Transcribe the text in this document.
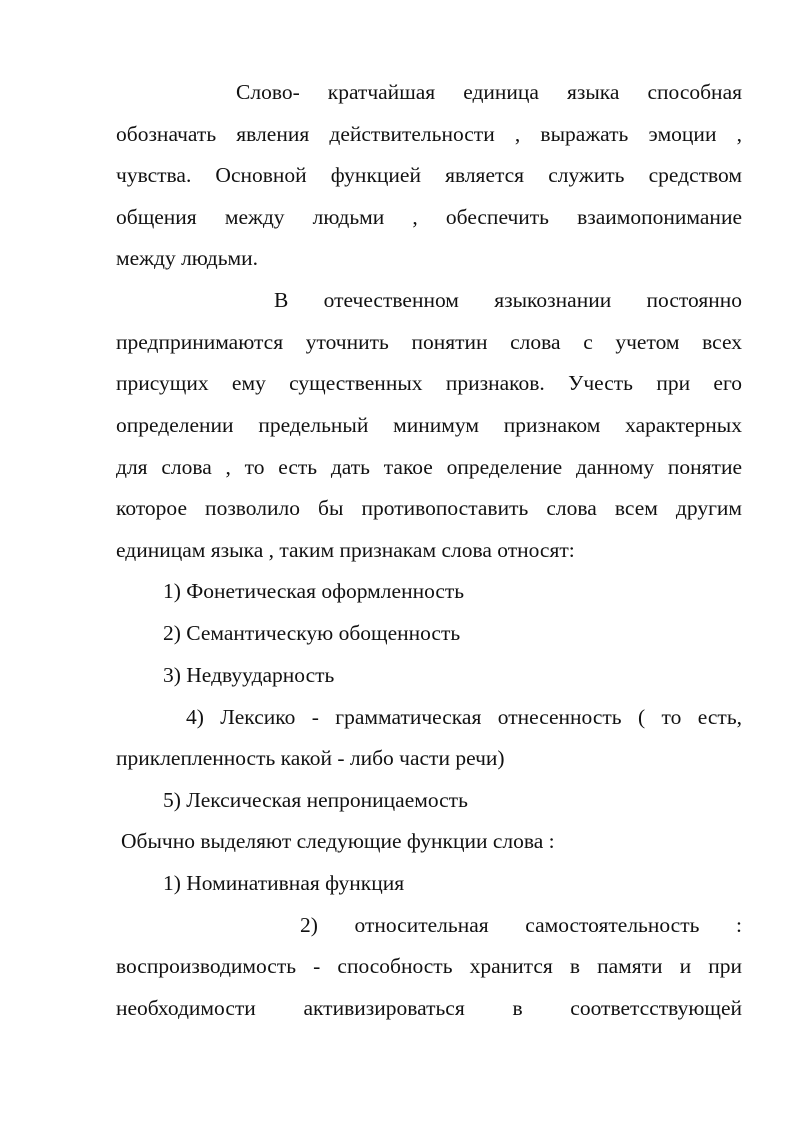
Слово- кратчайшая единица языка способная
обозначать явления действительности , выражать эмоции ,
чувства. Основной функцией является служить средством
общения между людьми , обеспечить взаимопонимание
между людьми.
В отечественном языкознании постоянно
предпринимаются уточнить понятин слова с учетом всех
присущих ему существенных признаков. Учесть при его
определении предельный минимум признаком характерных
для слова , то есть дать такое определение данному понятие
которое позволило бы противопоставить слова всем другим
единицам языка , таким признакам слова относят:
1) Фонетическая оформленность
2) Семантическую обощенность
3) Недвуударность
4) Лексико - грамматическая отнесенность ( то есть,
приклепленность какой - либо части речи)
5) Лексическая непроницаемость
Обычно выделяют следующие функции слова :
1) Номинативная функция
2) относительная самостоятельность :
воспроизводимость - способность хранится в памяти и при
необходимости активизироваться в соответсствующей
